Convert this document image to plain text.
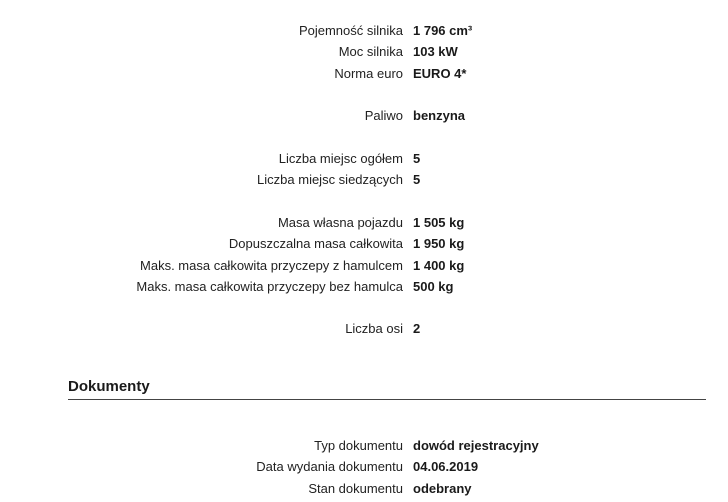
Pojemność silnika 1 796 cm³
Moc silnika 103 kW
Norma euro EURO 4*
Paliwo benzyna
Liczba miejsc ogółem 5
Liczba miejsc siedzących 5
Masa własna pojazdu 1 505 kg
Dopuszczalna masa całkowita 1 950 kg
Maks. masa całkowita przyczepy z hamulcem 1 400 kg
Maks. masa całkowita przyczepy bez hamulca 500 kg
Liczba osi 2
Dokumenty
Typ dokumentu dowód rejestracyjny
Data wydania dokumentu 04.06.2019
Stan dokumentu odebrany
